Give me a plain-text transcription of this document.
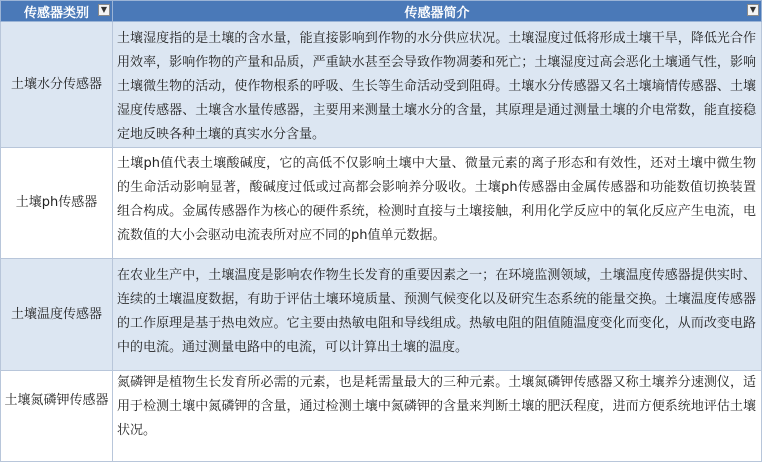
传感器类别 ▼	传感器简介 ▼

土壤水分传感器	土壤湿度指的是土壤的含水量，能直接影响到作物的水分供应状况。土壤湿度过低将形成土壤干旱，降低光合作用效率，影响作物的产量和品质，严重缺水甚至会导致作物凋萎和死亡；土壤湿度过高会恶化土壤通气性，影响土壤微生物的活动，使作物根系的呼吸、生长等生命活动受到阻碍。土壤水分传感器又名土壤墒情传感器、土壤湿度传感器、土壤含水量传感器，主要用来测量土壤水分的含量，其原理是通过测量土壤的介电常数，能直接稳定地反映各种土壤的真实水分含量。

土壤ph传感器	土壤ph值代表土壤酸碱度，它的高低不仅影响土壤中大量、微量元素的离子形态和有效性，还对土壤中微生物的生命活动影响显著，酸碱度过低或过高都会影响养分吸收。土壤ph传感器由金属传感器和功能数值切换装置组合构成。金属传感器作为核心的硬件系统，检测时直接与土壤接触，利用化学反应中的氧化反应产生电流，电流数值的大小会驱动电流表所对应不同的ph值单元数据。

土壤温度传感器	在农业生产中，土壤温度是影响农作物生长发育的重要因素之一；在环境监测领域，土壤温度传感器提供实时、连续的土壤温度数据，有助于评估土壤环境质量、预测气候变化以及研究生态系统的能量交换。土壤温度传感器的工作原理是基于热电效应。它主要由热敏电阻和导线组成。热敏电阻的阻值随温度变化而变化，从而改变电路中的电流。通过测量电路中的电流，可以计算出土壤的温度。

土壤氮磷钾传感器	氮磷钾是植物生长发育所必需的元素，也是耗需量最大的三种元素。土壤氮磷钾传感器又称土壤养分速测仪，适用于检测土壤中氮磷钾的含量，通过检测土壤中氮磷钾的含量来判断土壤的肥沃程度，进而方便系统地评估土壤状况。
